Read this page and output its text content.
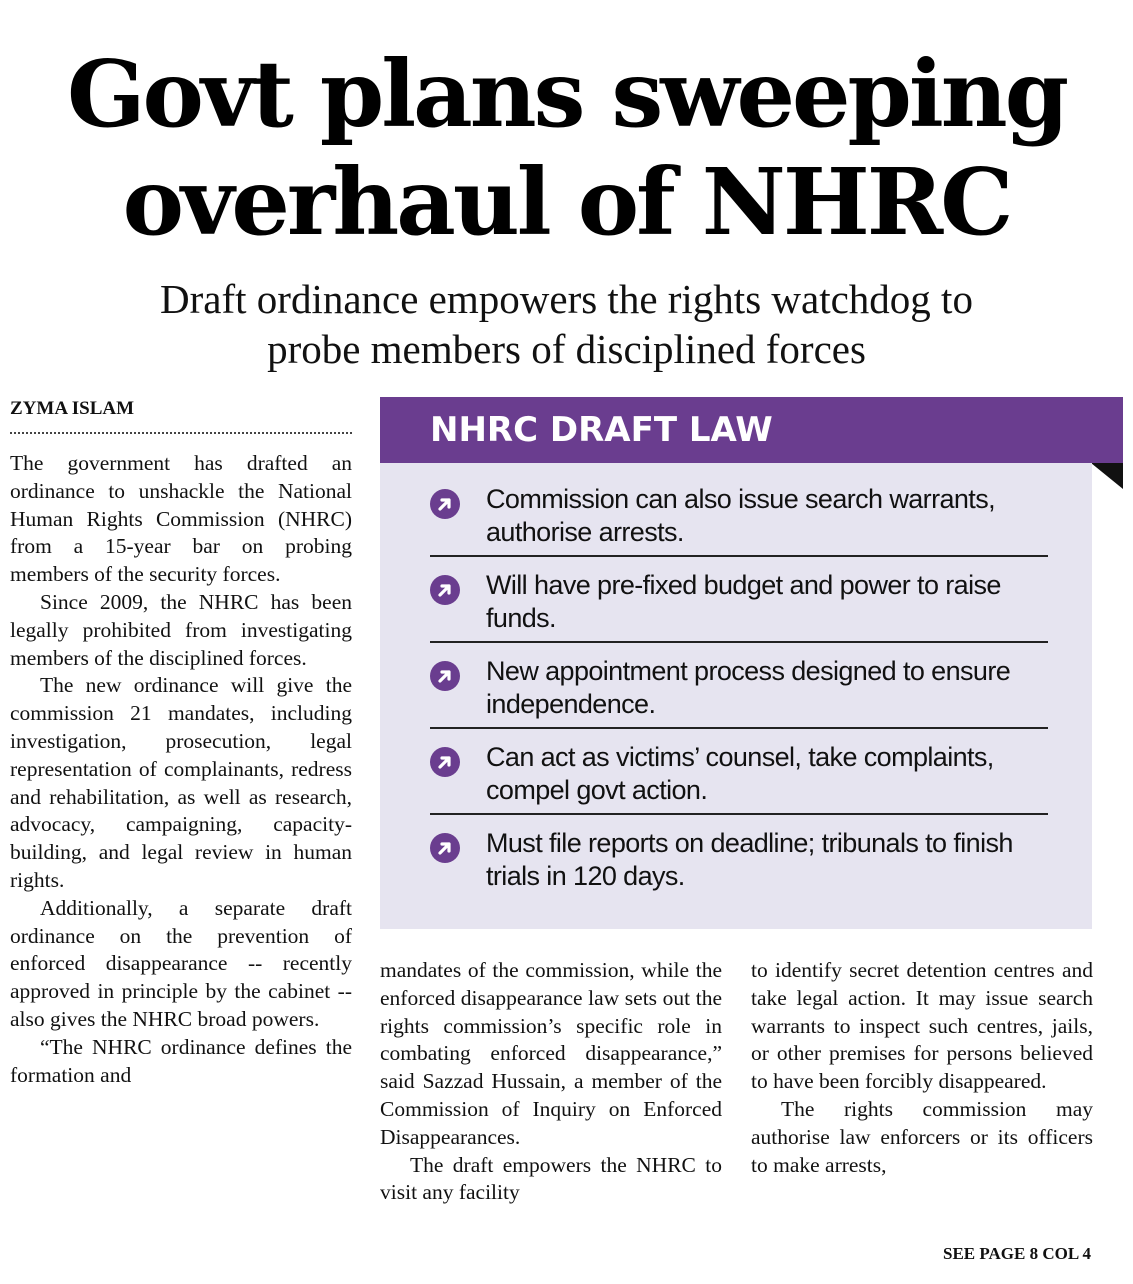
Govt plans sweeping
overhaul of NHRC
Draft ordinance empowers the rights watchdog to
probe members of disciplined forces
ZYMA ISLAM

The government has drafted an ordinance to unshackle the National Human Rights Commission (NHRC) from a 15-year bar on probing members of the security forces.

Since 2009, the NHRC has been legally prohibited from investigating members of the disciplined forces.

The new ordinance will give the commission 21 mandates, including investigation, prosecution, legal representation of complainants, redress and rehabilitation, as well as research, advocacy, campaigning, capacity-building, and legal review in human rights.

Additionally, a separate draft ordinance on the prevention of enforced disappearance -- recently approved in principle by the cabinet -- also gives the NHRC broad powers.

“The NHRC ordinance defines the formation and

NHRC DRAFT LAW
Commission can also issue search warrants, authorise arrests.
Will have pre-fixed budget and power to raise funds.
New appointment process designed to ensure independence.
Can act as victims’ counsel, take complaints, compel govt action.
Must file reports on deadline; tribunals to finish trials in 120 days.

mandates of the commission, while the enforced disappearance law sets out the rights commission’s specific role in combating enforced disappearance,” said Sazzad Hussain, a member of the Commission of Inquiry on Enforced Disappearances.

The draft empowers the NHRC to visit any facility

to identify secret detention centres and take legal action. It may issue search warrants to inspect such centres, jails, or other premises for persons believed to have been forcibly disappeared.

The rights commission may authorise law enforcers or its officers to make arrests,

SEE PAGE 8 COL 4
